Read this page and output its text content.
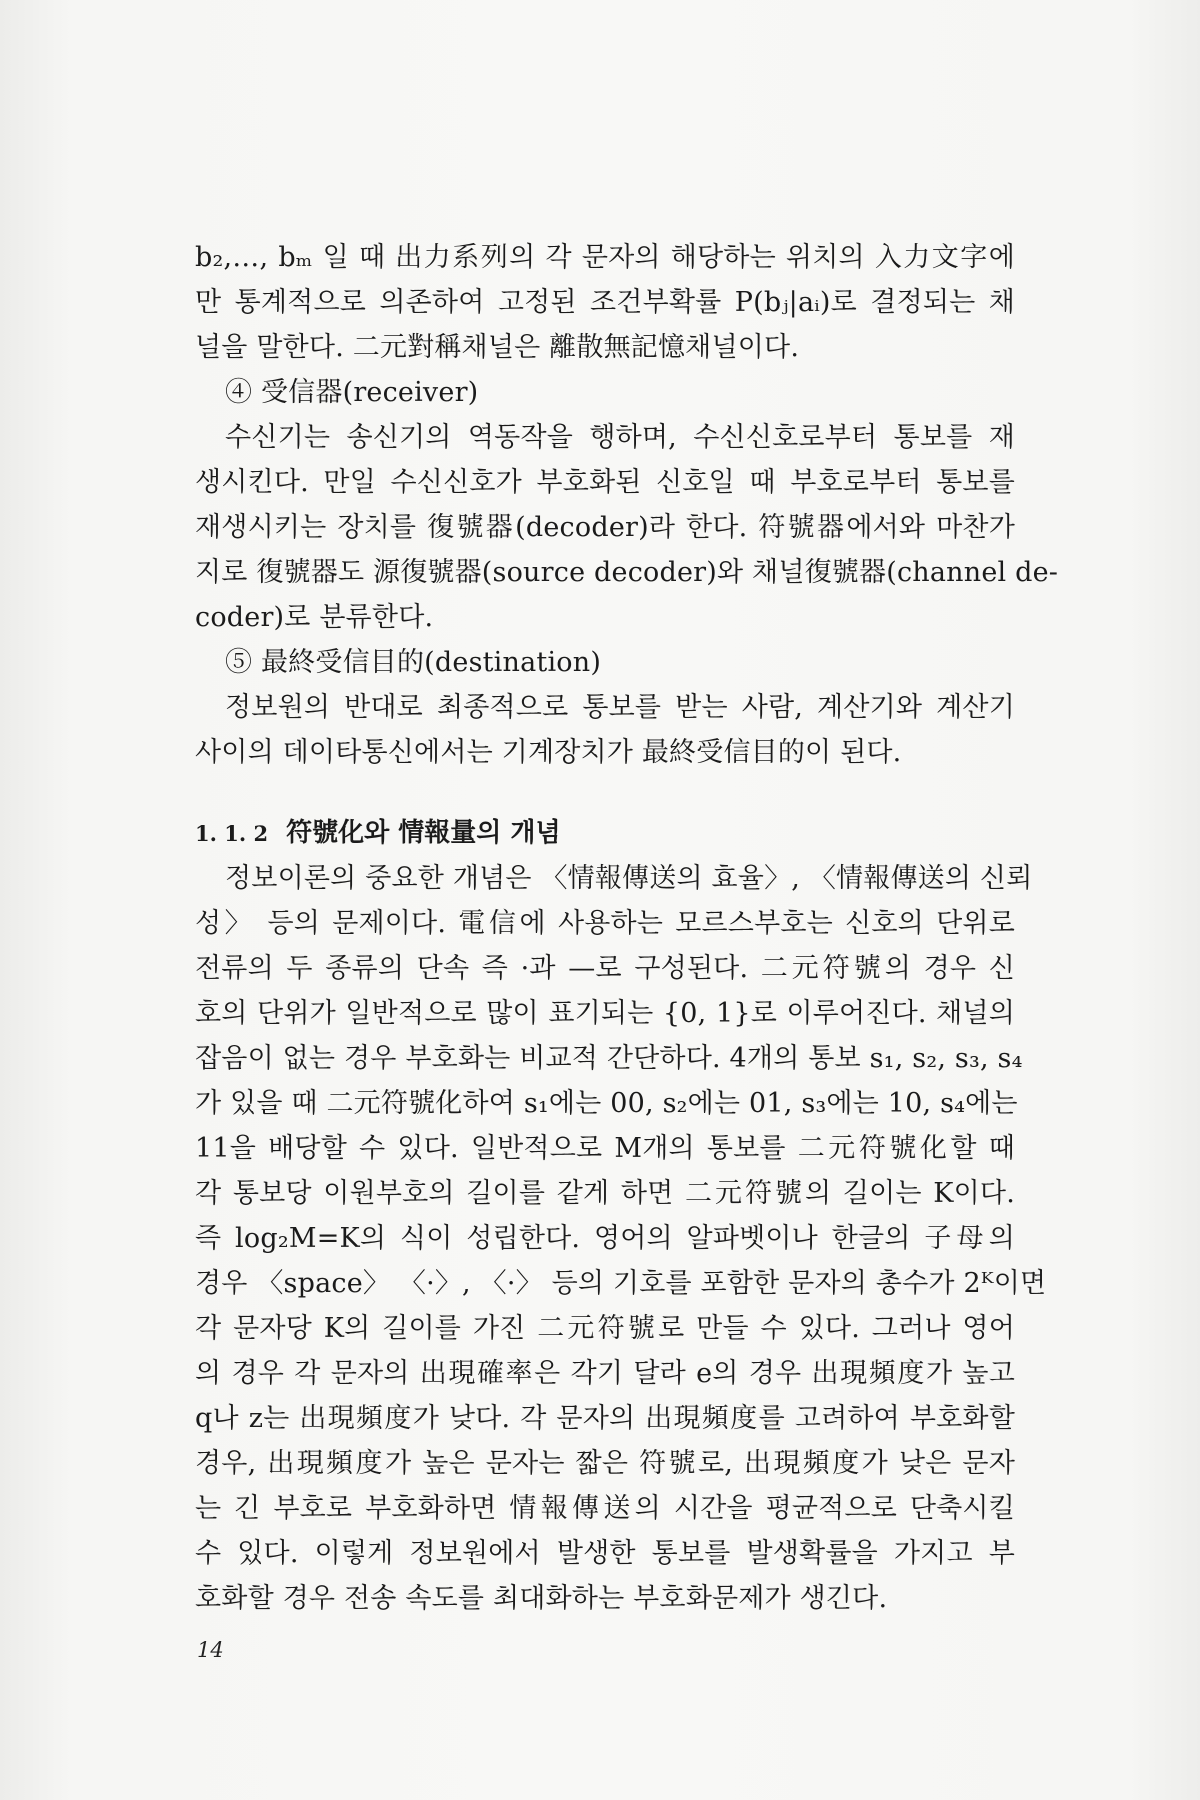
b₂,…, bₘ 일 때 出力系列의 각 문자의 해당하는 위치의 入力文字에
만 통계적으로 의존하여 고정된 조건부확률 P(bⱼ|aᵢ)로 결정되는 채
널을 말한다. 二元對稱채널은 離散無記憶채널이다.
④ 受信器(receiver)
수신기는 송신기의 역동작을 행하며, 수신신호로부터 통보를 재
생시킨다. 만일 수신신호가 부호화된 신호일 때 부호로부터 통보를
재생시키는 장치를 復號器(decoder)라 한다. 符號器에서와 마찬가
지로 復號器도 源復號器(source decoder)와 채널復號器(channel de-
coder)로 분류한다.
⑤ 最終受信目的(destination)
정보원의 반대로 최종적으로 통보를 받는 사람, 계산기와 계산기
사이의 데이타통신에서는 기계장치가 最終受信目的이 된다.
1. 1. 2 符號化와 情報量의 개념
정보이론의 중요한 개념은 〈情報傳送의 효율〉, 〈情報傳送의 신뢰
성〉 등의 문제이다. 電信에 사용하는 모르스부호는 신호의 단위로
전류의 두 종류의 단속 즉 ·과 —로 구성된다. 二元符號의 경우 신
호의 단위가 일반적으로 많이 표기되는 {0, 1}로 이루어진다. 채널의
잡음이 없는 경우 부호화는 비교적 간단하다. 4개의 통보 s₁, s₂, s₃, s₄
가 있을 때 二元符號化하여 s₁에는 00, s₂에는 01, s₃에는 10, s₄에는
11을 배당할 수 있다. 일반적으로 M개의 통보를 二元符號化할 때
각 통보당 이원부호의 길이를 같게 하면 二元符號의 길이는 K이다.
즉 log₂M=K의 식이 성립한다. 영어의 알파벳이나 한글의 子母의
경우 〈space〉 〈·〉, 〈·〉 등의 기호를 포함한 문자의 총수가 2ᴷ이면
각 문자당 K의 길이를 가진 二元符號로 만들 수 있다. 그러나 영어
의 경우 각 문자의 出現確率은 각기 달라 e의 경우 出現頻度가 높고
q나 z는 出現頻度가 낮다. 각 문자의 出現頻度를 고려하여 부호화할
경우, 出現頻度가 높은 문자는 짧은 符號로, 出現頻度가 낮은 문자
는 긴 부호로 부호화하면 情報傳送의 시간을 평균적으로 단축시킬
수 있다. 이렇게 정보원에서 발생한 통보를 발생확률을 가지고 부
호화할 경우 전송 속도를 최대화하는 부호화문제가 생긴다.
14
